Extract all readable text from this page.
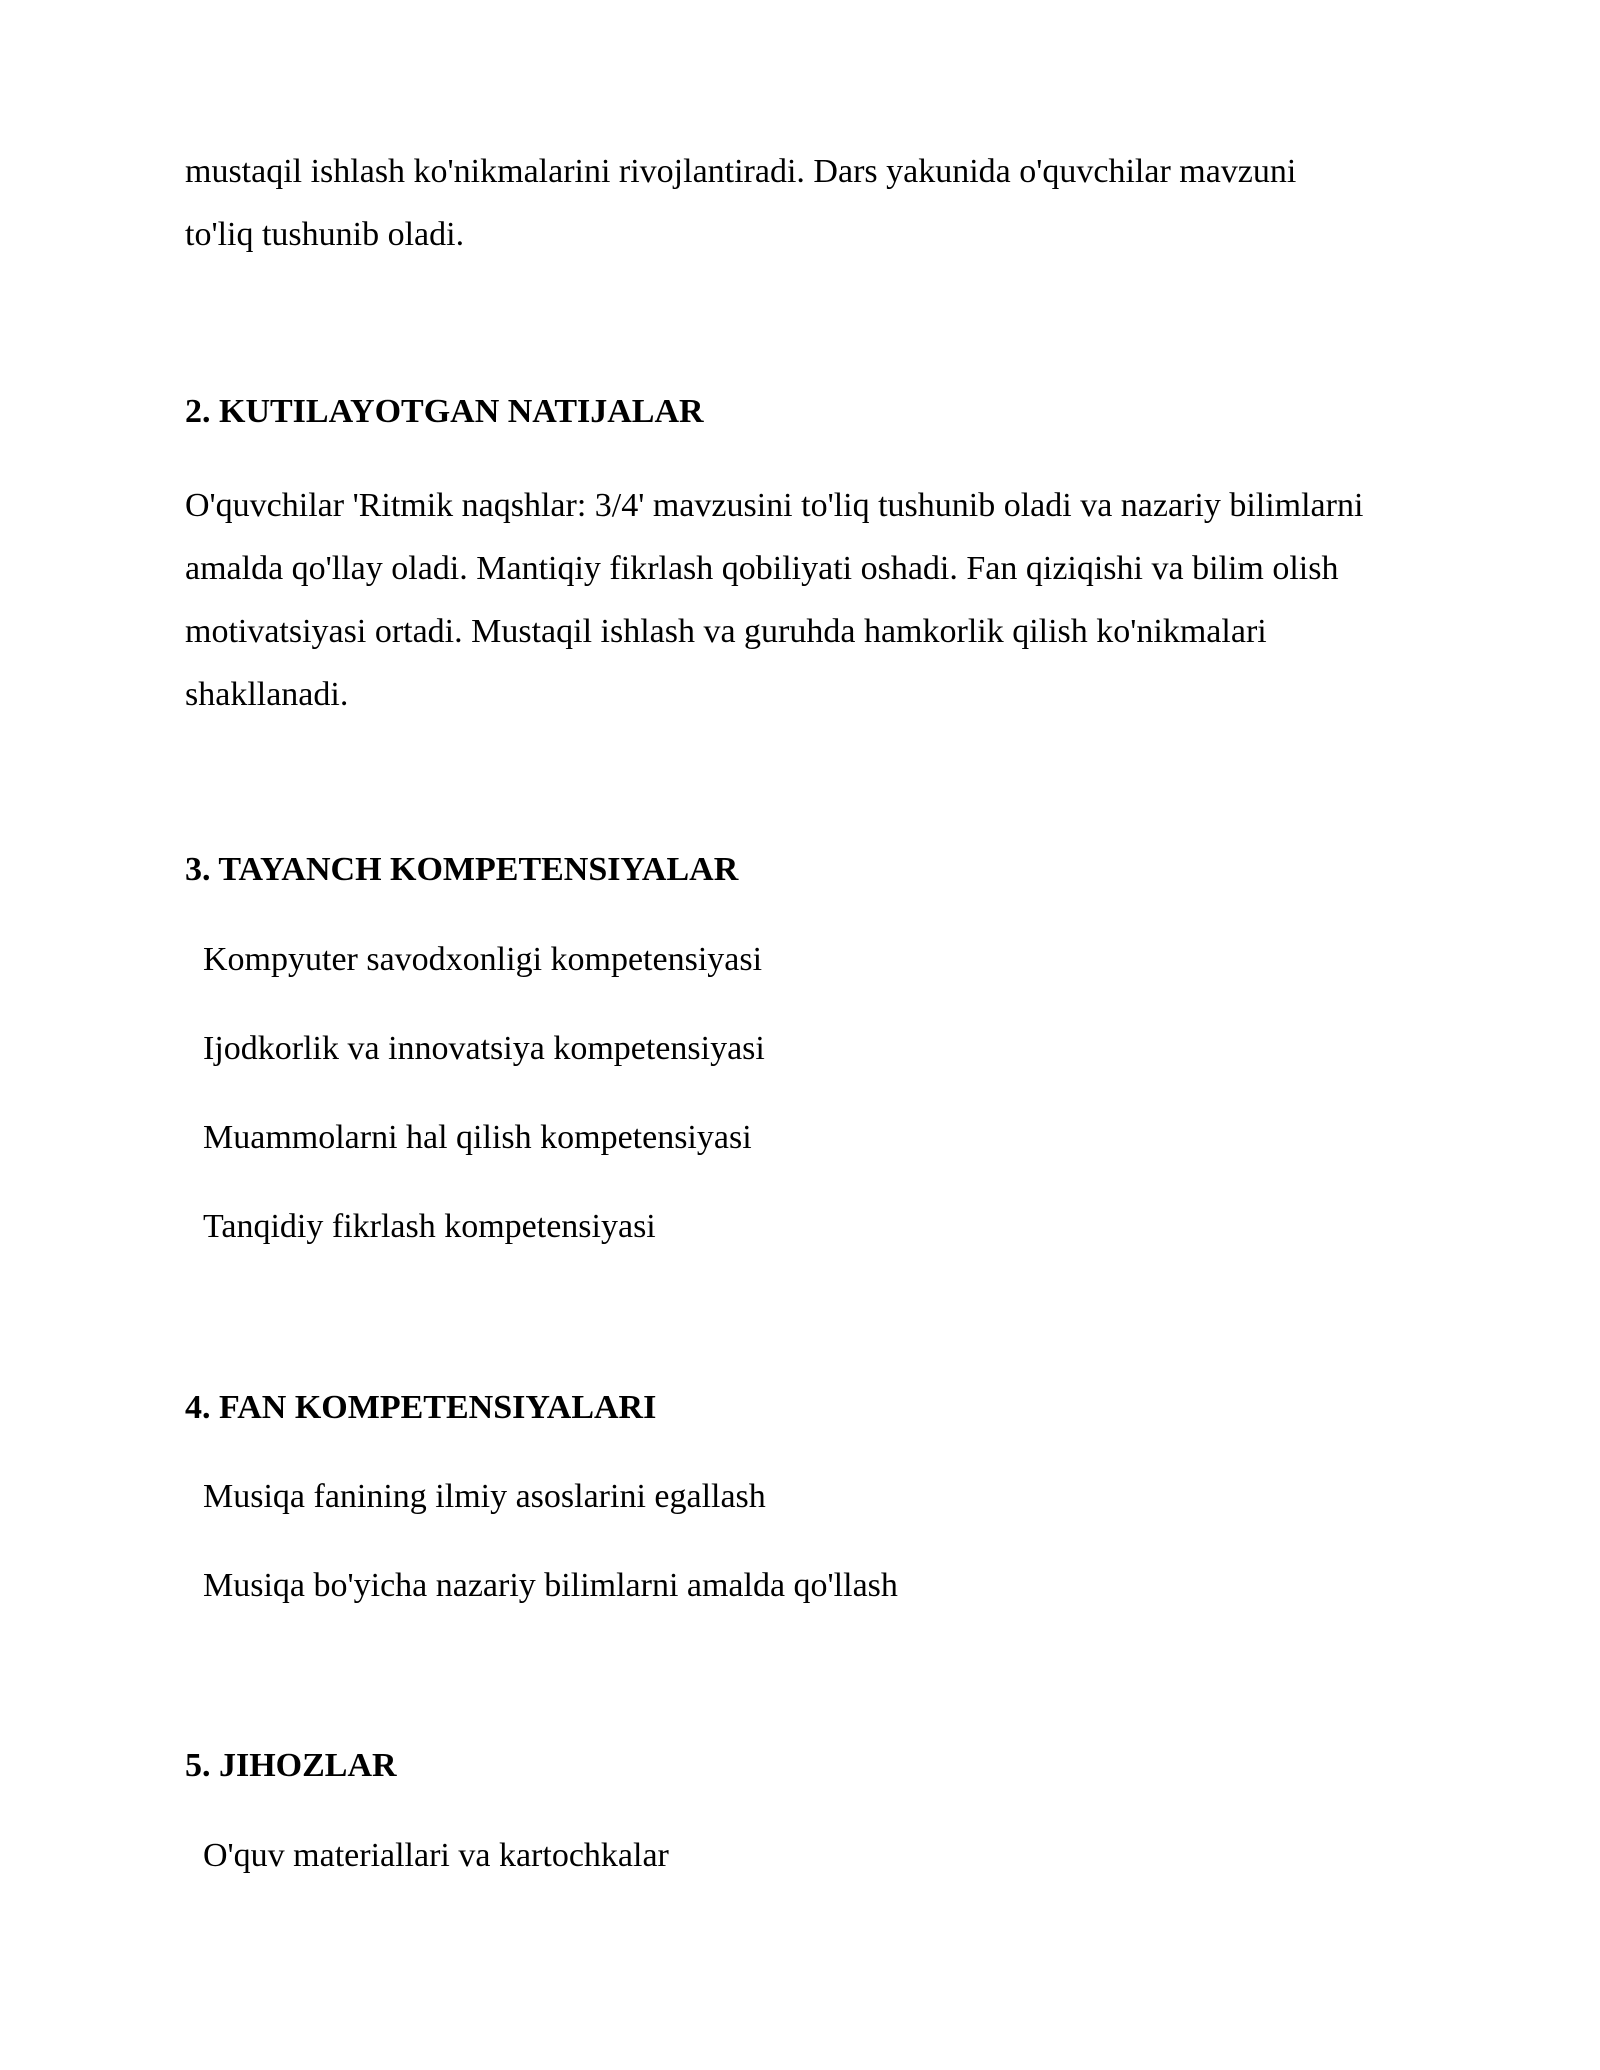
mustaqil ishlash ko'nikmalarini rivojlantiradi. Dars yakunida o'quvchilar mavzuni
to'liq tushunib oladi.

2. KUTILAYOTGAN NATIJALAR

O'quvchilar 'Ritmik naqshlar: 3/4' mavzusini to'liq tushunib oladi va nazariy bilimlarni amalda qo'llay oladi. Mantiqiy fikrlash qobiliyati oshadi. Fan qiziqishi va bilim olish motivatsiyasi ortadi. Mustaqil ishlash va guruhda hamkorlik qilish ko'nikmalari shakllanadi.

3. TAYANCH KOMPETENSIYALAR
Kompyuter savodxonligi kompetensiyasi
Ijodkorlik va innovatsiya kompetensiyasi
Muammolarni hal qilish kompetensiyasi
Tanqidiy fikrlash kompetensiyasi
4. FAN KOMPETENSIYALARI
Musiqa fanining ilmiy asoslarini egallash
Musiqa bo'yicha nazariy bilimlarni amalda qo'llash
5. JIHOZLAR
O'quv materiallari va kartochkalar
